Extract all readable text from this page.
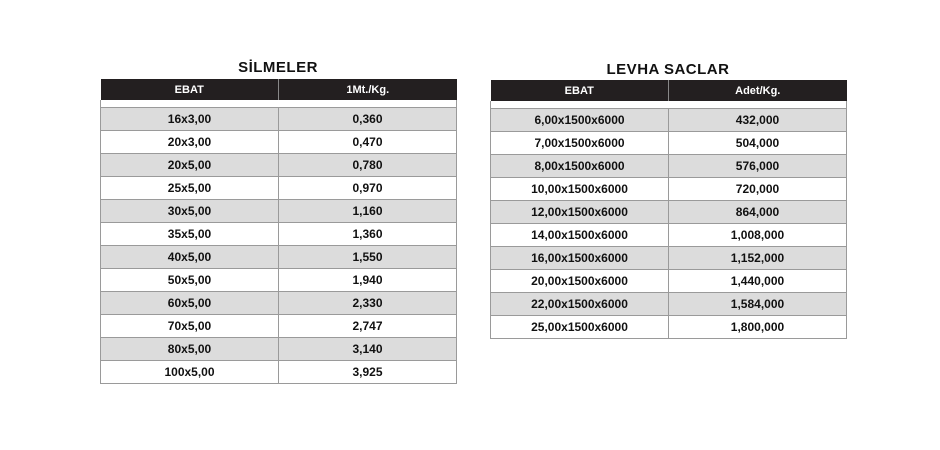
SİLMELER
EBAT	1Mt./Kg.

16x3,00	0,360
20x3,00	0,470
20x5,00	0,780
25x5,00	0,970
30x5,00	1,160
35x5,00	1,360
40x5,00	1,550
50x5,00	1,940
60x5,00	2,330
70x5,00	2,747
80x5,00	3,140
100x5,00	3,925
LEVHA SACLAR
EBAT	Adet/Kg.

6,00x1500x6000	432,000
7,00x1500x6000	504,000
8,00x1500x6000	576,000
10,00x1500x6000	720,000
12,00x1500x6000	864,000
14,00x1500x6000	1,008,000
16,00x1500x6000	1,152,000
20,00x1500x6000	1,440,000
22,00x1500x6000	1,584,000
25,00x1500x6000	1,800,000
